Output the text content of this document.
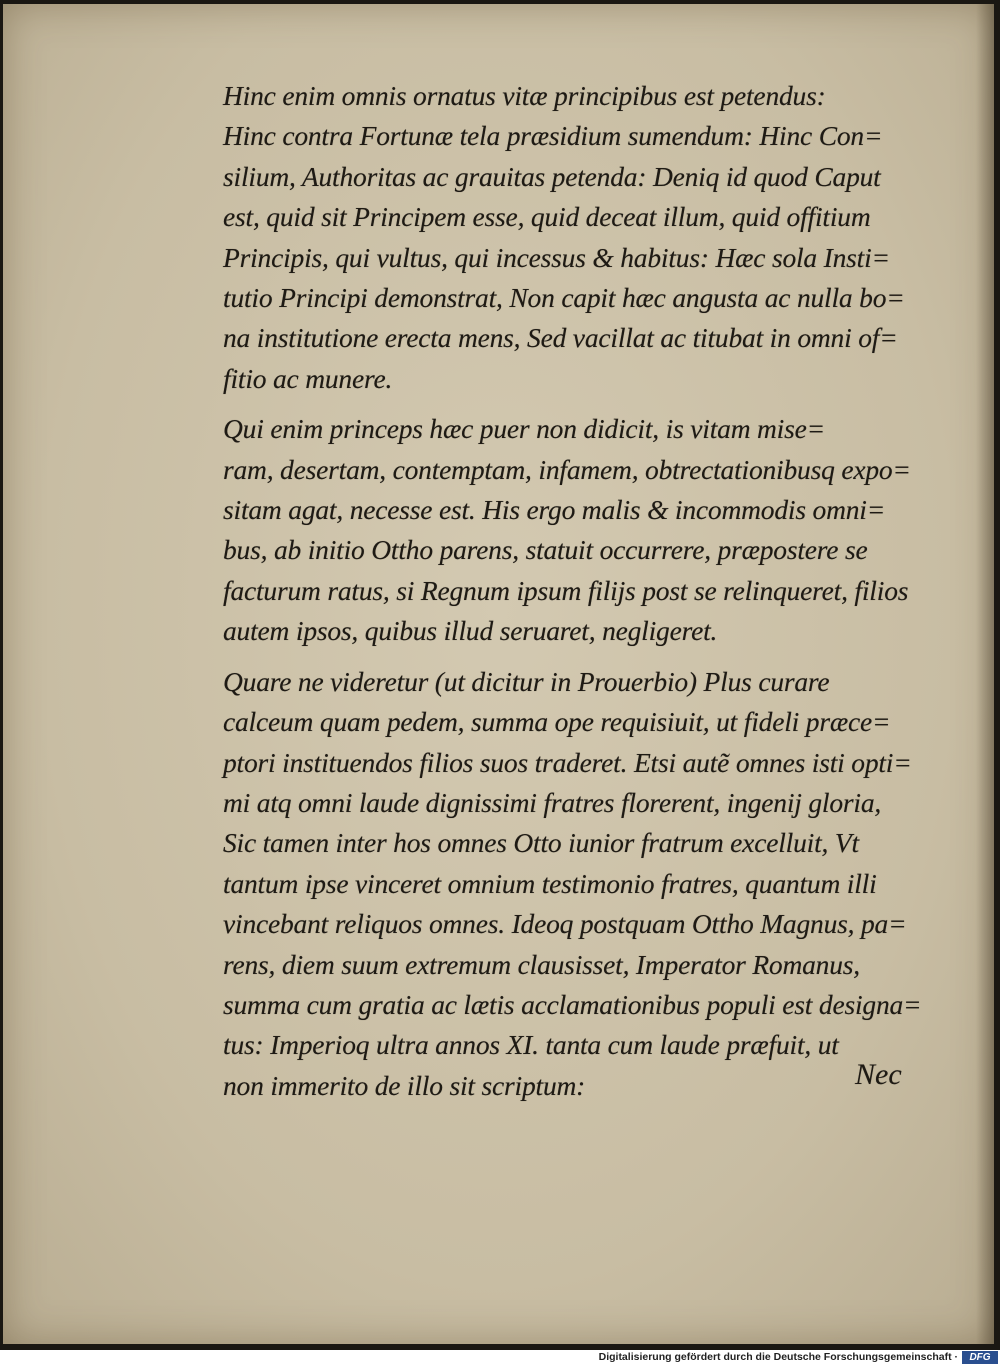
Hinc enim omnis ornatus vitæ principibus est petendus:
Hinc contra Fortunæ tela præsidium sumendum: Hinc Con=
silium, Authoritas ac grauitas petenda: Deniq id quod Caput
est, quid sit Principem esse, quid deceat illum, quid offitium
Principis, qui vultus, qui incessus & habitus: Hæc sola Insti=
tutio Principi demonstrat, Non capit hæc angusta ac nulla bo=
na institutione erecta mens, Sed vacillat ac titubat in omni of=
fitio ac munere.
Qui enim princeps hæc puer non didicit, is vitam mise=
ram, desertam, contemptam, infamem, obtrectationibusq expo=
sitam agat, necesse est. His ergo malis & incommodis omni=
bus, ab initio Ottho parens, statuit occurrere, præpostere se
facturum ratus, si Regnum ipsum filijs post se relinqueret, filios
autem ipsos, quibus illud seruaret, negligeret.
Quare ne videretur (ut dicitur in Prouerbio) Plus curare
calceum quam pedem, summa ope requisiuit, ut fideli præce=
ptori instituendos filios suos traderet. Etsi autẽ omnes isti opti=
mi atq omni laude dignissimi fratres florerent, ingenij gloria,
Sic tamen inter hos omnes Otto iunior fratrum excelluit, Vt
tantum ipse vinceret omnium testimonio fratres, quantum illi
vincebant reliquos omnes. Ideoq postquam Ottho Magnus, pa=
rens, diem suum extremum clausisset, Imperator Romanus,
summa cum gratia ac lætis acclamationibus populi est designa=
tus: Imperioq ultra annos XI. tanta cum laude præfuit, ut
non immerito de illo sit scriptum:	Nec
Digitalisierung gefördert durch die Deutsche Forschungsgemeinschaft ·	DFG
